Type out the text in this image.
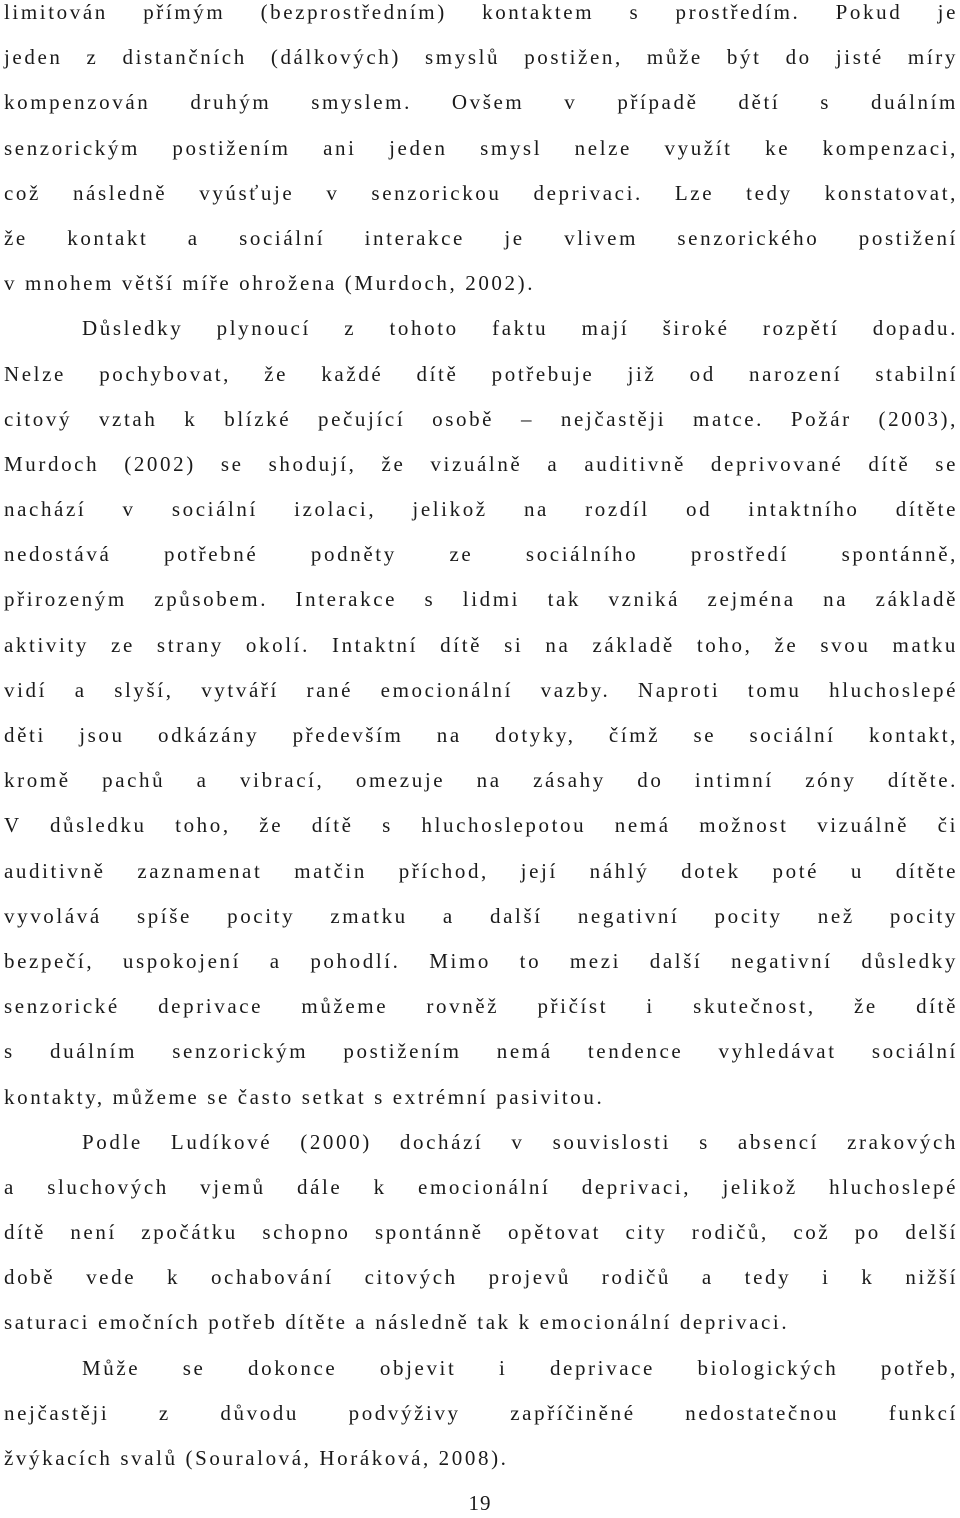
limitován přímým (bezprostředním) kontaktem s prostředím. Pokud je
jeden z distančních (dálkových) smyslů postižen, může být do jisté míry
kompenzován druhým smyslem. Ovšem v případě dětí s duálním
senzorickým postižením ani jeden smysl nelze využít ke kompenzaci,
což následně vyúsťuje v senzorickou deprivaci. Lze tedy konstatovat,
že kontakt a sociální interakce je vlivem senzorického postižení
v mnohem větší míře ohrožena (Murdoch, 2002).
Důsledky plynoucí z tohoto faktu mají široké rozpětí dopadu.
Nelze pochybovat, že každé dítě potřebuje již od narození stabilní
citový vztah k blízké pečující osobě – nejčastěji matce. Požár (2003),
Murdoch (2002) se shodují, že vizuálně a auditivně deprivované dítě se
nachází v sociální izolaci, jelikož na rozdíl od intaktního dítěte
nedostává potřebné podněty ze sociálního prostředí spontánně,
přirozeným způsobem. Interakce s lidmi tak vzniká zejména na základě
aktivity ze strany okolí. Intaktní dítě si na základě toho, že svou matku
vidí a slyší, vytváří rané emocionální vazby. Naproti tomu hluchoslepé
děti jsou odkázány především na dotyky, čímž se sociální kontakt,
kromě pachů a vibrací, omezuje na zásahy do intimní zóny dítěte.
V důsledku toho, že dítě s hluchoslepotou nemá možnost vizuálně či
auditivně zaznamenat matčin příchod, její náhlý dotek poté u dítěte
vyvolává spíše pocity zmatku a další negativní pocity než pocity
bezpečí, uspokojení a pohodlí. Mimo to mezi další negativní důsledky
senzorické deprivace můžeme rovněž přičíst i skutečnost, že dítě
s duálním senzorickým postižením nemá tendence vyhledávat sociální
kontakty, můžeme se často setkat s extrémní pasivitou.
Podle Ludíkové (2000) dochází v souvislosti s absencí zrakových
a sluchových vjemů dále k emocionální deprivaci, jelikož hluchoslepé
dítě není zpočátku schopno spontánně opětovat city rodičů, což po delší
době vede k ochabování citových projevů rodičů a tedy i k nižší
saturaci emočních potřeb dítěte a následně tak k emocionální deprivaci.
Může se dokonce objevit i deprivace biologických potřeb,
nejčastěji z důvodu podvýživy zapříčiněné nedostatečnou funkcí
žvýkacích svalů (Souralová, Horáková, 2008).
19
